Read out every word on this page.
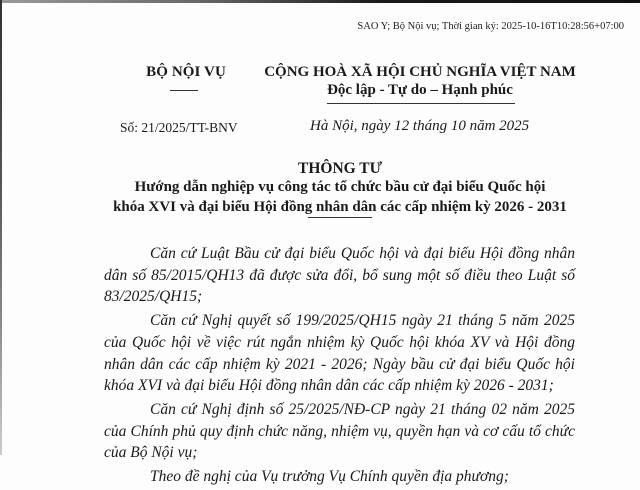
SAO Y; Bộ Nội vụ; Thời gian ký: 2025-10-16T10:28:56+07:00
BỘ NỘI VỤ	CỘNG HOÀ XÃ HỘI CHỦ NGHĨA VIỆT NAM
Độc lập - Tự do – Hạnh phúc
Số: 21/2025/TT-BNV	Hà Nội, ngày 12 tháng 10 năm 2025
THÔNG TƯ
Hướng dẫn nghiệp vụ công tác tổ chức bầu cử đại biểu Quốc hội
khóa XVI và đại biểu Hội đồng nhân dân các cấp nhiệm kỳ 2026 - 2031

Căn cứ Luật Bầu cử đại biểu Quốc hội và đại biểu Hội đồng nhân dân số 85/2015/QH13 đã được sửa đổi, bổ sung một số điều theo Luật số 83/2025/QH15;

Căn cứ Nghị quyết số 199/2025/QH15 ngày 21 tháng 5 năm 2025 của Quốc hội về việc rút ngắn nhiệm kỳ Quốc hội khóa XV và Hội đồng nhân dân các cấp nhiệm kỳ 2021 - 2026; Ngày bầu cử đại biểu Quốc hội khóa XVI và đại biểu Hội đồng nhân dân các cấp nhiệm kỳ 2026 - 2031;

Căn cứ Nghị định số 25/2025/NĐ-CP ngày 21 tháng 02 năm 2025 của Chính phủ quy định chức năng, nhiệm vụ, quyền hạn và cơ cấu tổ chức của Bộ Nội vụ;

Theo đề nghị của Vụ trưởng Vụ Chính quyền địa phương;
